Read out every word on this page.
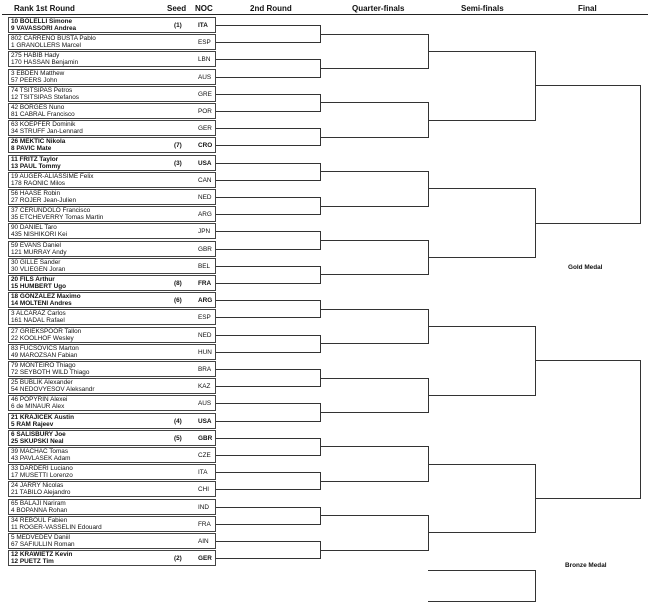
Rank 1st Round	Seed NOC	2nd Round	Quarter-finals	Semi-finals	Final
10 BOLELLI Simone
9 VAVASSORI Andrea	(1)	ITA
802 CARRENO BUSTA Pablo
1 GRANOLLERS Marcel	ESP
275 HABIB Hady
170 HASSAN Benjamin	LBN
3 EBDEN Matthew
57 PEERS John	AUS
74 TSITSIPAS Petros
12 TSITSIPAS Stefanos	GRE
42 BORGES Nuno
81 CABRAL Francisco	POR
63 KOEPFER Dominik
34 STRUFF Jan-Lennard	GER
26 MEKTIC Nikola
8 PAVIC Mate	(7)	CRO
11 FRITZ Taylor
13 PAUL Tommy	(3)	USA
19 AUGER-ALIASSIME Felix
178 RAONIC Milos	CAN
56 HAASE Robin
27 ROJER Jean-Julien	NED
37 CERUNDOLO Francisco
35 ETCHEVERRY Tomas Martin	ARG
90 DANIEL Taro
435 NISHIKORI Kei	JPN
59 EVANS Daniel
121 MURRAY Andy	GBR
30 GILLE Sander
30 VLIEGEN Joran	BEL
20 FILS Arthur
15 HUMBERT Ugo	(8)	FRA
18 GONZALEZ Maximo
14 MOLTENI Andres	(6)	ARG
3 ALCARAZ Carlos
161 NADAL Rafael	ESP
27 GRIEKSPOOR Tallon
22 KOOLHOF Wesley	NED
83 FUCSOVICS Marton
49 MAROZSAN Fabian	HUN
79 MONTEIRO Thiago
72 SEYBOTH WILD Thiago	BRA
25 BUBLIK Alexander
54 NEDOVYESOV Aleksandr	KAZ
46 POPYRIN Alexei
6 de MINAUR Alex	AUS
21 KRAJICEK Austin
5 RAM Rajeev	(4)	USA
6 SALISBURY Joe
25 SKUPSKI Neal	(5)	GBR
39 MACHAC Tomas
43 PAVLASEK Adam	CZE
33 DARDERI Luciano
17 MUSETTI Lorenzo	ITA
24 JARRY Nicolas
21 TABILO Alejandro	CHI
65 BALAJI Nariram
4 BOPANNA Rohan	IND
34 REBOUL Fabien
11 ROGER-VASSELIN Edouard	FRA
5 MEDVEDEV Daniil
67 SAFIULLIN Roman	AIN
12 KRAWIETZ Kevin
12 PUETZ Tim	(2)	GER
Gold Medal
Bronze Medal
